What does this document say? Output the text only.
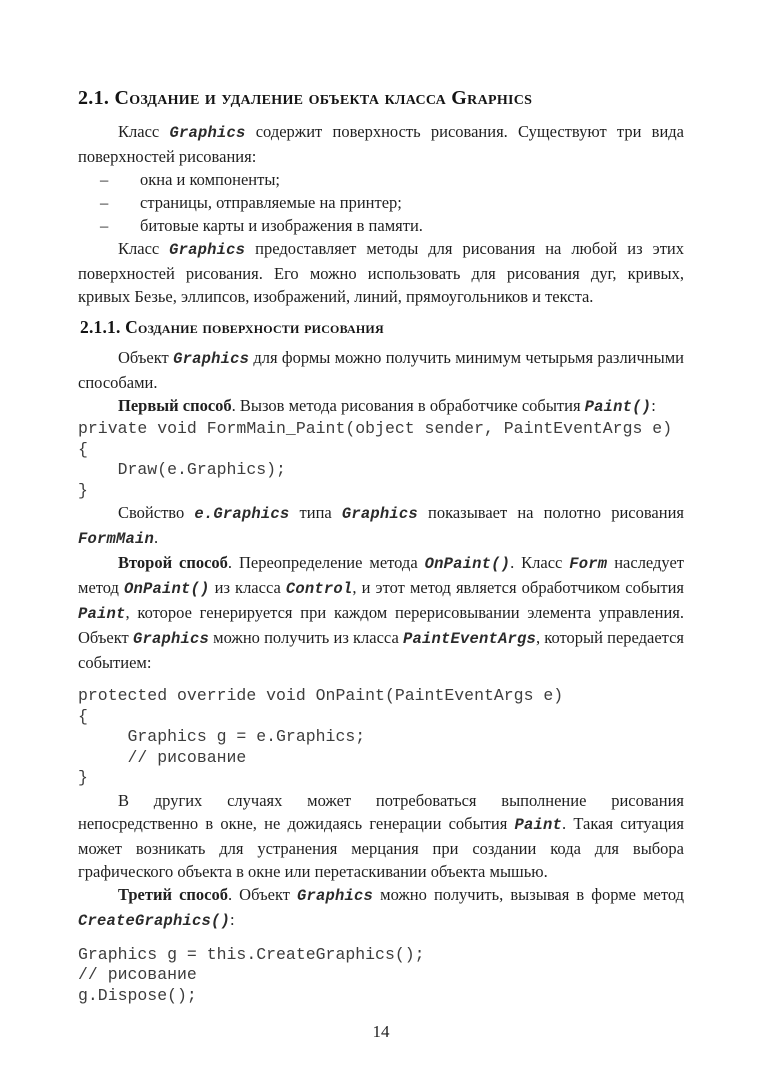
2.1. Создание и удаление объекта класса Graphics

Класс Graphics содержит поверхность рисования. Существуют три вида поверхностей рисования:

– окна и компоненты;
– страницы, отправляемые на принтер;
– битовые карты и изображения в памяти.

Класс Graphics предоставляет методы для рисования на любой из этих поверхностей рисования. Его можно использовать для рисования дуг, кривых, кривых Безье, эллипсов, изображений, линий, прямоугольников и текста.

2.1.1. Создание поверхности рисования

Объект Graphics для формы можно получить минимум четырьмя различными способами.

Первый способ. Вызов метода рисования в обработчике события Paint():

private void FormMain_Paint(object sender, PaintEventArgs e)
{
Draw(e.Graphics);
}

Свойство e.Graphics типа Graphics показывает на полотно рисования FormMain.

Второй способ. Переопределение метода OnPaint(). Класс Form наследует метод OnPaint() из класса Control, и этот метод является обработчиком события Paint, которое генерируется при каждом перерисовывании элемента управления. Объект Graphics можно получить из класса PaintEventArgs, который передается событием:

protected override void OnPaint(PaintEventArgs e)
{
Graphics g = e.Graphics;
// рисование
}

В других случаях может потребоваться выполнение рисования непосредственно в окне, не дожидаясь генерации события Paint. Такая ситуация может возникать для устранения мерцания при создании кода для выбора графического объекта в окне или перетаскивании объекта мышью.

Третий способ. Объект Graphics можно получить, вызывая в форме метод CreateGraphics():

Graphics g = this.CreateGraphics();
// рисование
g.Dispose();
14
